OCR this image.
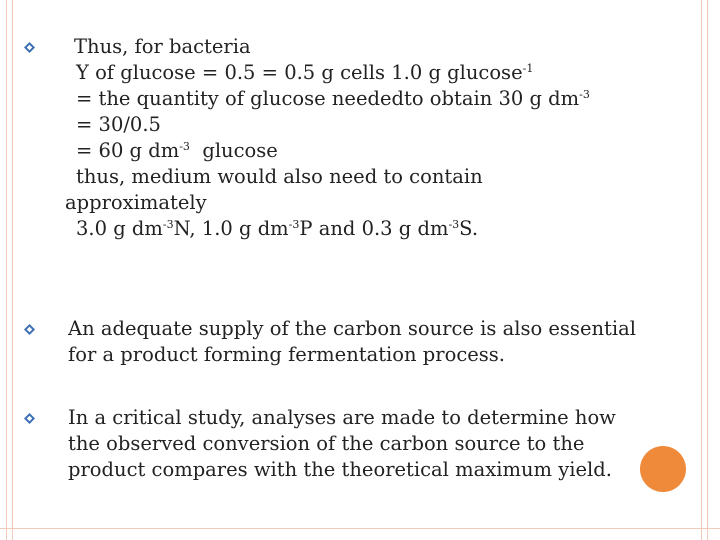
Thus, for bacteria
Y of glucose = 0.5 = 0.5 g cells 1.0 g glucose$^{-1}$
= the quantity of glucose neededto obtain 30 g $dm^{-3}$
= 30/0.5
= 60 g $dm^{-3}$  glucose
thus, medium would also need to contain
approximately
3.0 g $dm^{-3}N$, 1.0 g $dm^{-3}P$ and 0.3 g $dm^{-3}S$.
An adequate supply of the carbon source is also essential
for a product forming fermentation process.
In a critical study, analyses are made to determine how
the observed conversion of the carbon source to the
product compares with the theoretical maximum yield.
